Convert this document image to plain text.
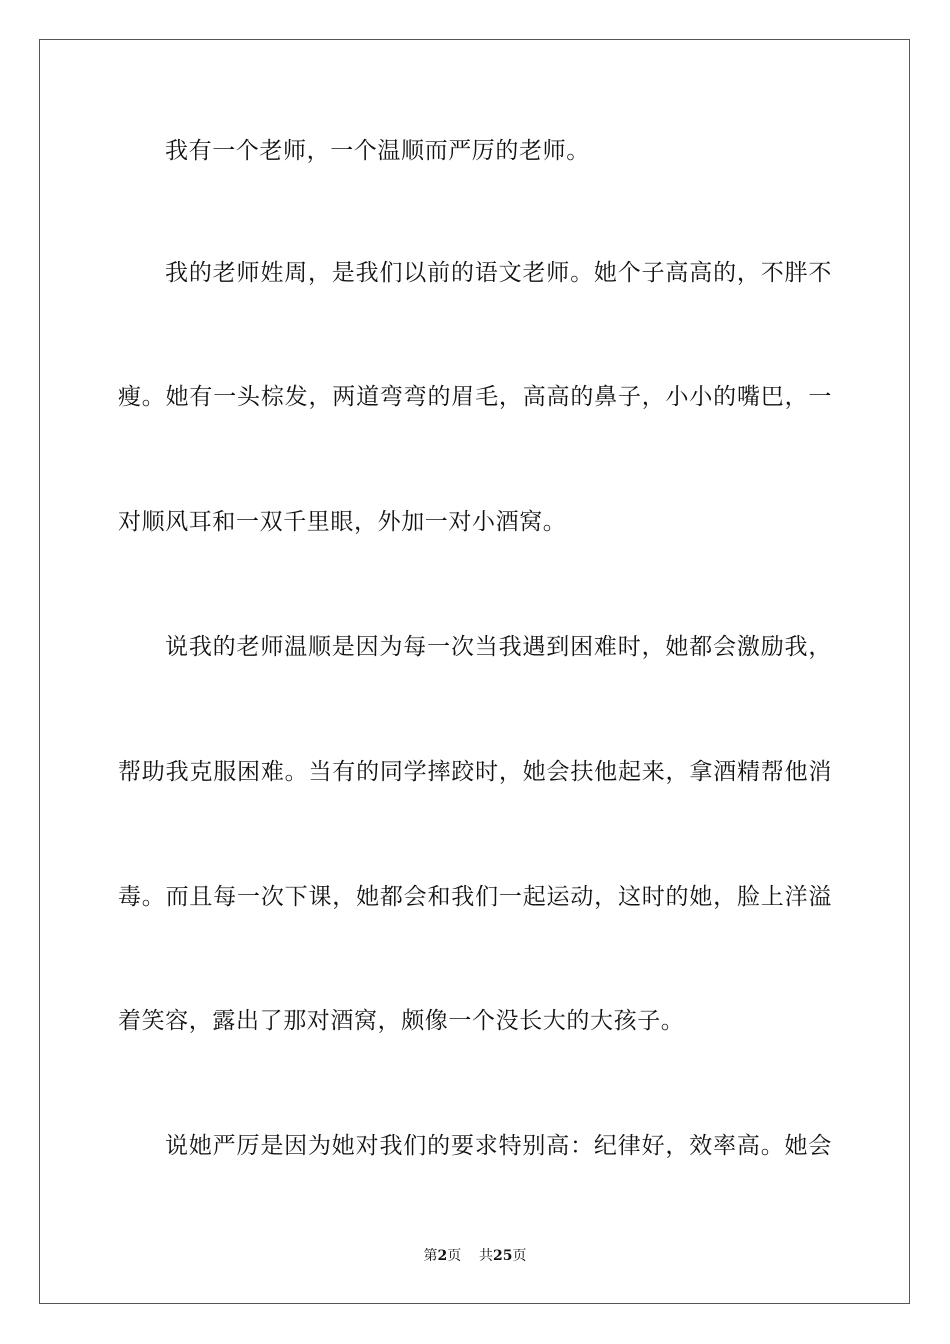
我有一个老师，一个温顺而严厉的老师。
我的老师姓周，是我们以前的语文老师。她个子高高的，不胖不
瘦。她有一头棕发，两道弯弯的眉毛，高高的鼻子，小小的嘴巴，一
对顺风耳和一双千里眼，外加一对小酒窝。
说我的老师温顺是因为每一次当我遇到困难时，她都会激励我，
帮助我克服困难。当有的同学摔跤时，她会扶他起来，拿酒精帮他消
毒。而且每一次下课，她都会和我们一起运动，这时的她，脸上洋溢
着笑容，露出了那对酒窝，颇像一个没长大的大孩子。
说她严厉是因为她对我们的要求特别高：纪律好，效率高。她会
第2页 共25页
